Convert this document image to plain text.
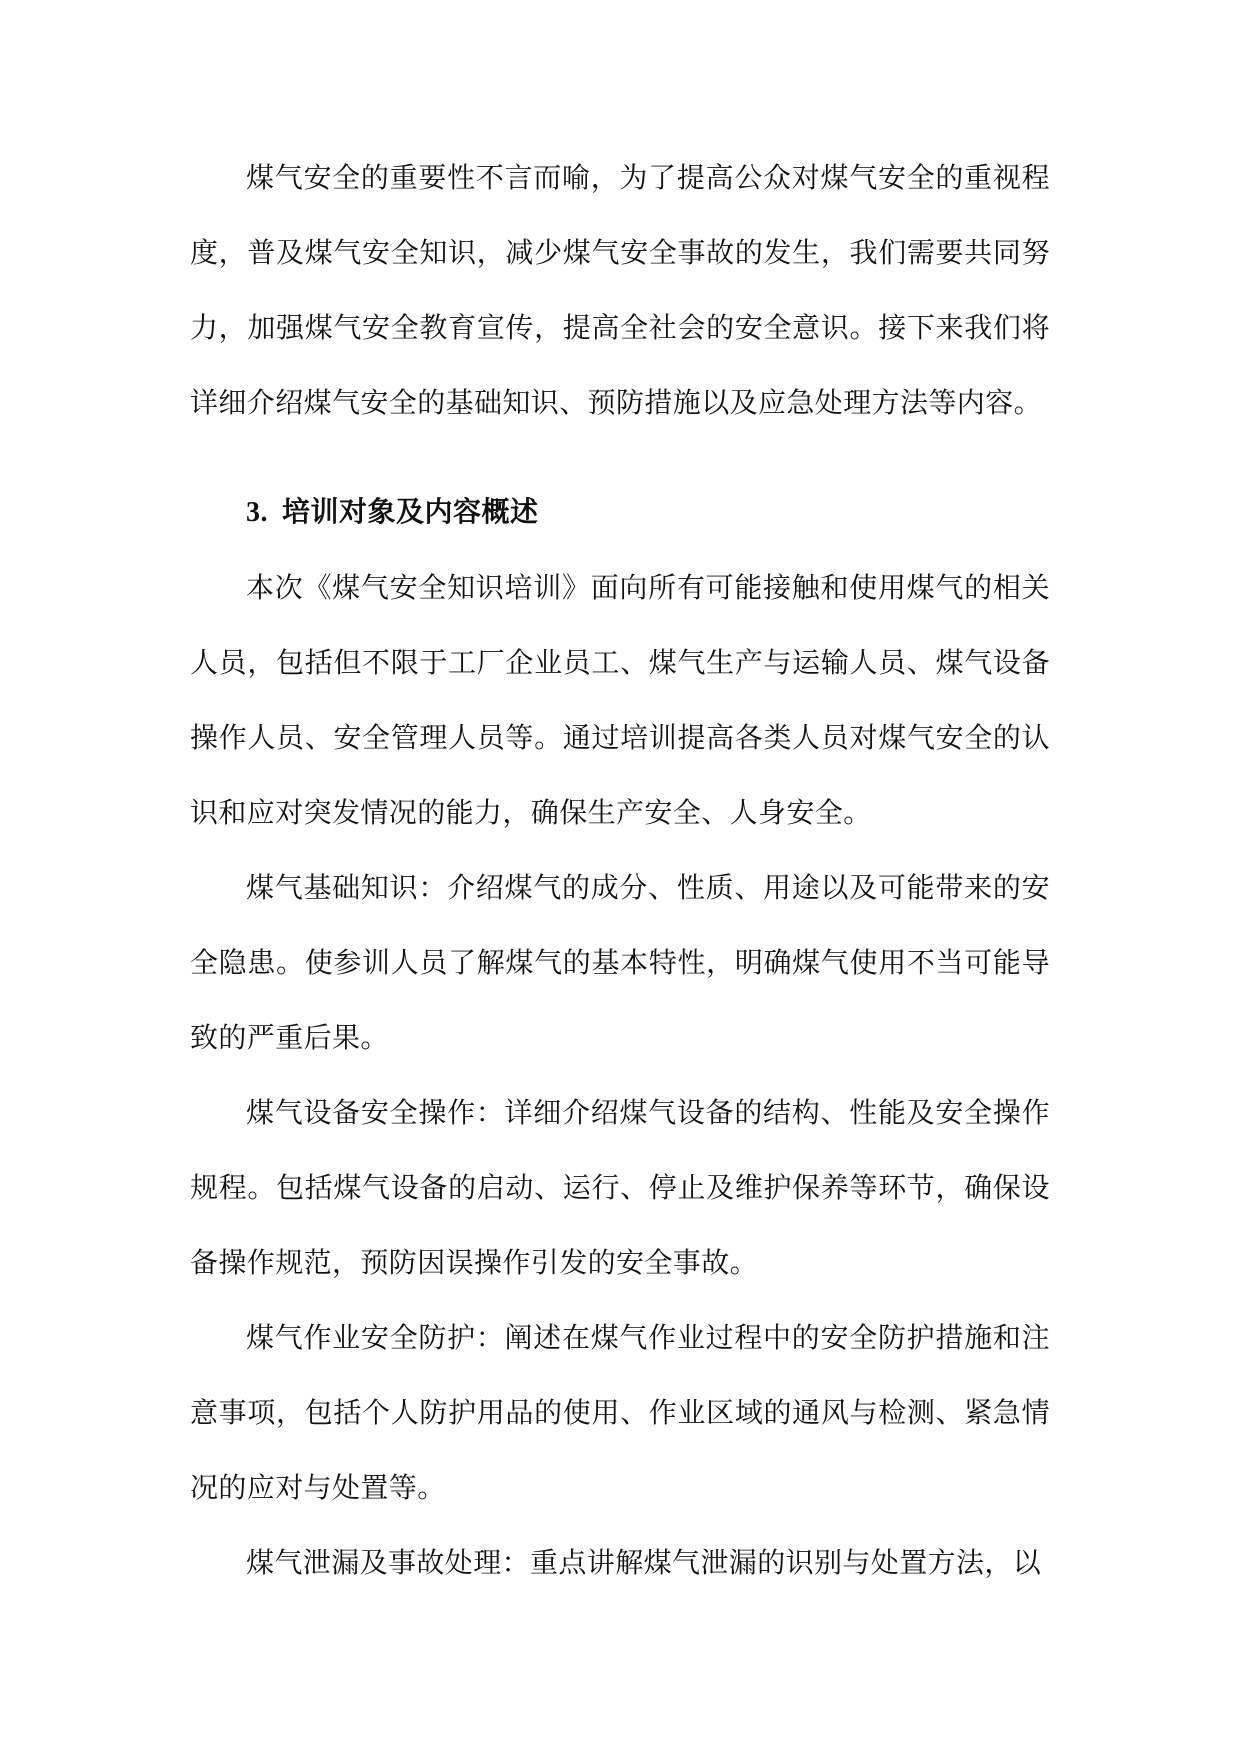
煤气安全的重要性不言而喻，为了提高公众对煤气安全的重视程度，普及煤气安全知识，减少煤气安全事故的发生，我们需要共同努力，加强煤气安全教育宣传，提高全社会的安全意识。接下来我们将详细介绍煤气安全的基础知识、预防措施以及应急处理方法等内容。

3. 培训对象及内容概述

本次《煤气安全知识培训》面向所有可能接触和使用煤气的相关人员，包括但不限于工厂企业员工、煤气生产与运输人员、煤气设备操作人员、安全管理人员等。通过培训提高各类人员对煤气安全的认识和应对突发情况的能力，确保生产安全、人身安全。

煤气基础知识：介绍煤气的成分、性质、用途以及可能带来的安全隐患。使参训人员了解煤气的基本特性，明确煤气使用不当可能导致的严重后果。

煤气设备安全操作：详细介绍煤气设备的结构、性能及安全操作规程。包括煤气设备的启动、运行、停止及维护保养等环节，确保设备操作规范，预防因误操作引发的安全事故。

煤气作业安全防护：阐述在煤气作业过程中的安全防护措施和注意事项，包括个人防护用品的使用、作业区域的通风与检测、紧急情况的应对与处置等。

煤气泄漏及事故处理：重点讲解煤气泄漏的识别与处置方法，以
